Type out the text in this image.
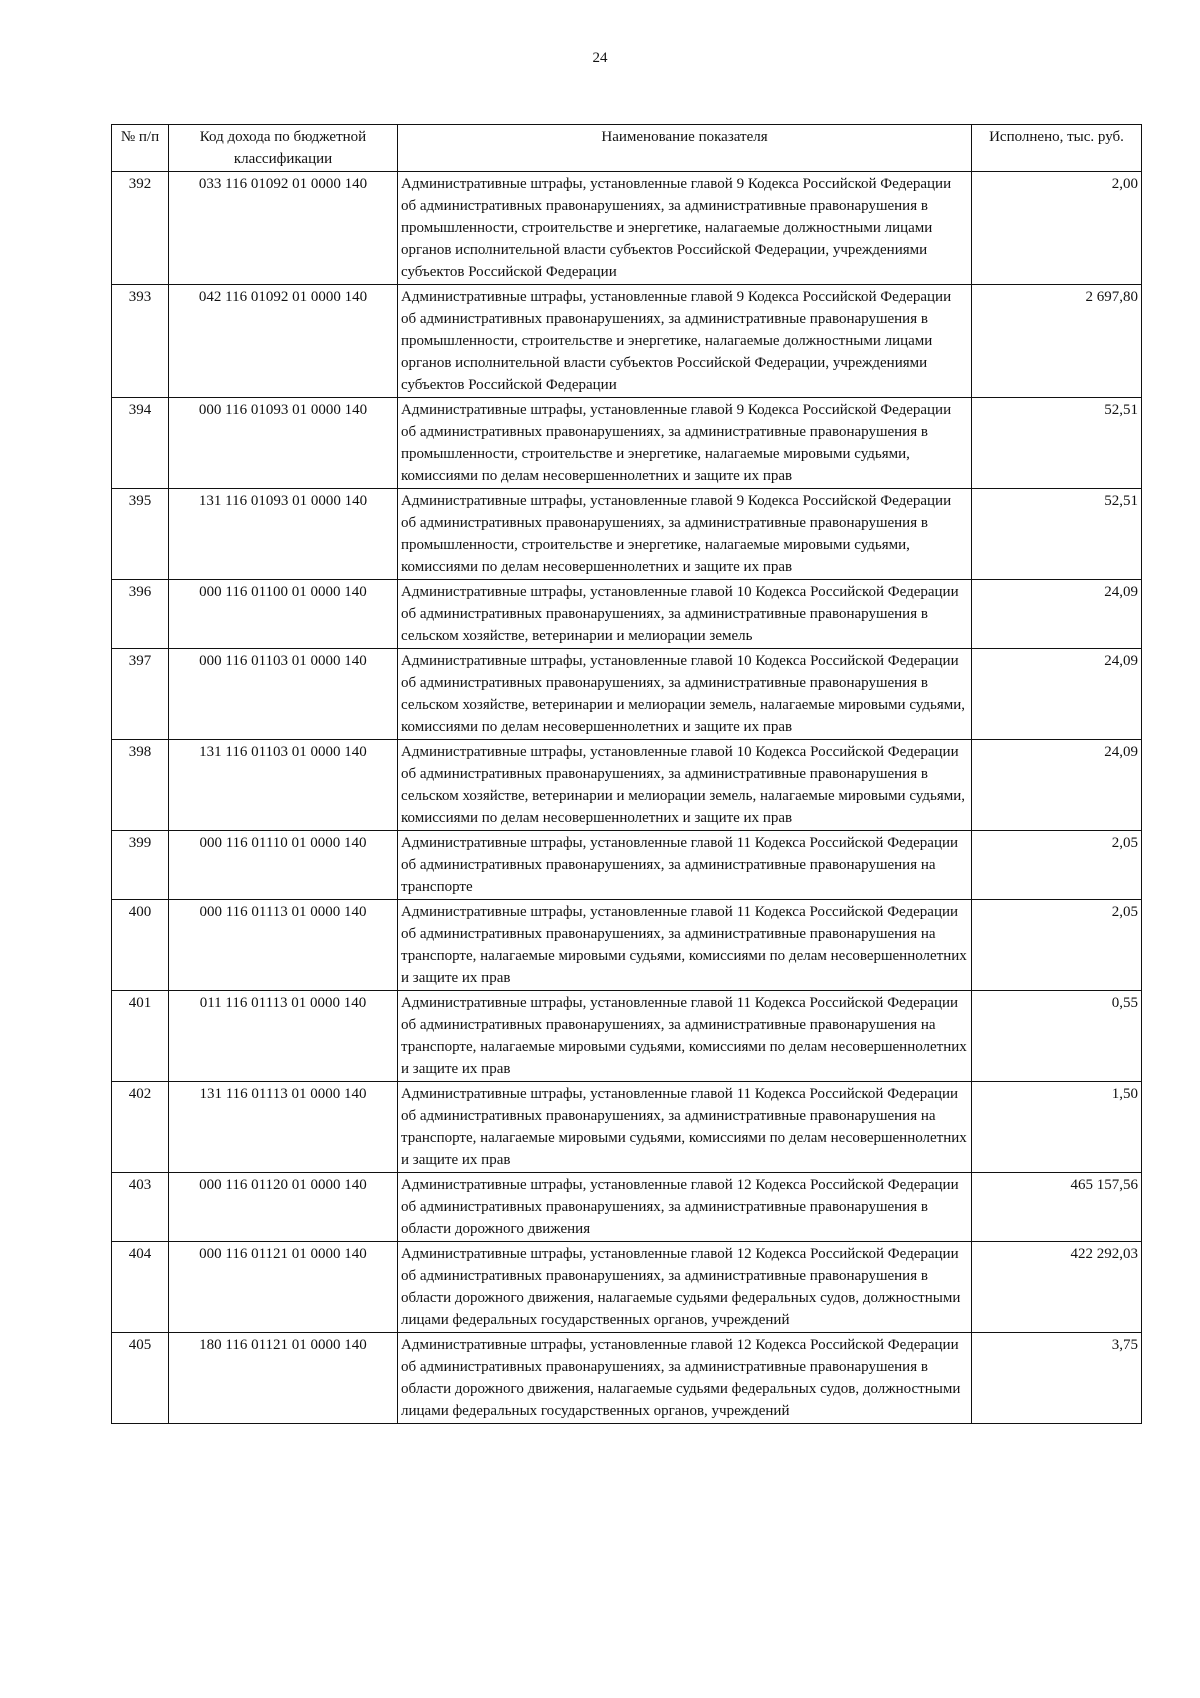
24
№ п/п	Код дохода по бюджетной классификации	Наименование показателя	Исполнено, тыс. руб.
392	033 116 01092 01 0000 140	Административные штрафы, установленные главой 9 Кодекса Российской Федерации об административных правонарушениях, за административные правонарушения в промышленности, строительстве и энергетике, налагаемые должностными лицами органов исполнительной власти субъектов Российской Федерации, учреждениями субъектов Российской Федерации	2,00
393	042 116 01092 01 0000 140	Административные штрафы, установленные главой 9 Кодекса Российской Федерации об административных правонарушениях, за административные правонарушения в промышленности, строительстве и энергетике, налагаемые должностными лицами органов исполнительной власти субъектов Российской Федерации, учреждениями субъектов Российской Федерации	2 697,80
394	000 116 01093 01 0000 140	Административные штрафы, установленные главой 9 Кодекса Российской Федерации об административных правонарушениях, за административные правонарушения в промышленности, строительстве и энергетике, налагаемые мировыми судьями, комиссиями по делам несовершеннолетних и защите их прав	52,51
395	131 116 01093 01 0000 140	Административные штрафы, установленные главой 9 Кодекса Российской Федерации об административных правонарушениях, за административные правонарушения в промышленности, строительстве и энергетике, налагаемые мировыми судьями, комиссиями по делам несовершеннолетних и защите их прав	52,51
396	000 116 01100 01 0000 140	Административные штрафы, установленные главой 10 Кодекса Российской Федерации об административных правонарушениях, за административные правонарушения в сельском хозяйстве, ветеринарии и мелиорации земель	24,09
397	000 116 01103 01 0000 140	Административные штрафы, установленные главой 10 Кодекса Российской Федерации об административных правонарушениях, за административные правонарушения в сельском хозяйстве, ветеринарии и мелиорации земель, налагаемые мировыми судьями, комиссиями по делам несовершеннолетних и защите их прав	24,09
398	131 116 01103 01 0000 140	Административные штрафы, установленные главой 10 Кодекса Российской Федерации об административных правонарушениях, за административные правонарушения в сельском хозяйстве, ветеринарии и мелиорации земель, налагаемые мировыми судьями, комиссиями по делам несовершеннолетних и защите их прав	24,09
399	000 116 01110 01 0000 140	Административные штрафы, установленные главой 11 Кодекса Российской Федерации об административных правонарушениях, за административные правонарушения на транспорте	2,05
400	000 116 01113 01 0000 140	Административные штрафы, установленные главой 11 Кодекса Российской Федерации об административных правонарушениях, за административные правонарушения на транспорте, налагаемые мировыми судьями, комиссиями по делам несовершеннолетних и защите их прав	2,05
401	011 116 01113 01 0000 140	Административные штрафы, установленные главой 11 Кодекса Российской Федерации об административных правонарушениях, за административные правонарушения на транспорте, налагаемые мировыми судьями, комиссиями по делам несовершеннолетних и защите их прав	0,55
402	131 116 01113 01 0000 140	Административные штрафы, установленные главой 11 Кодекса Российской Федерации об административных правонарушениях, за административные правонарушения на транспорте, налагаемые мировыми судьями, комиссиями по делам несовершеннолетних и защите их прав	1,50
403	000 116 01120 01 0000 140	Административные штрафы, установленные главой 12 Кодекса Российской Федерации об административных правонарушениях, за административные правонарушения в области дорожного движения	465 157,56
404	000 116 01121 01 0000 140	Административные штрафы, установленные главой 12 Кодекса Российской Федерации об административных правонарушениях, за административные правонарушения в области дорожного движения, налагаемые судьями федеральных судов, должностными лицами федеральных государственных органов, учреждений	422 292,03
405	180 116 01121 01 0000 140	Административные штрафы, установленные главой 12 Кодекса Российской Федерации об административных правонарушениях, за административные правонарушения в области дорожного движения, налагаемые судьями федеральных судов, должностными лицами федеральных государственных органов, учреждений	3,75
